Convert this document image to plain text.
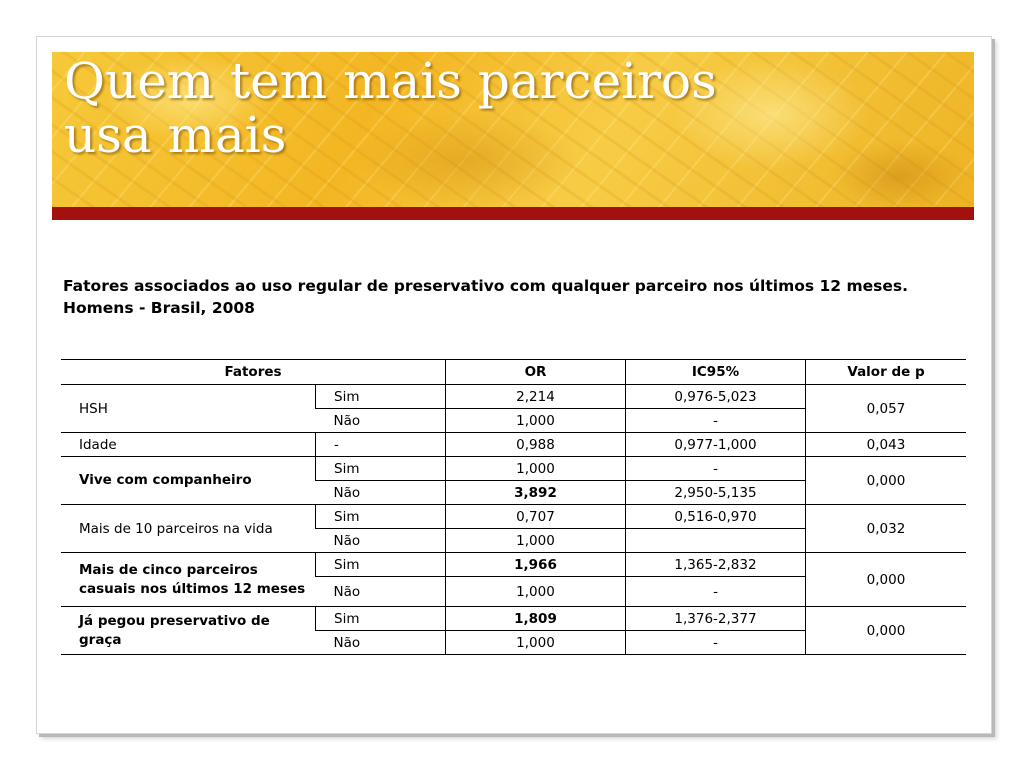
Quem tem mais parceiros
usa mais

Fatores associados ao uso regular de preservativo com qualquer parceiro nos últimos 12 meses. Homens - Brasil, 2008

Fatores		OR	IC95%	Valor de p
HSH	Sim	2,214	0,976-5,023	0,057
	Não	1,000	-	
Idade	-	0,988	0,977-1,000	0,043
Vive com companheiro	Sim	1,000	-	0,000
	Não	3,892	2,950-5,135	
Mais de 10 parceiros na vida	Sim	0,707	0,516-0,970	0,032
	Não	1,000		
Mais de cinco parceiros casuais nos últimos 12 meses	Sim	1,966	1,365-2,832	0,000
	Não	1,000	-	
Já pegou preservativo de graça	Sim	1,809	1,376-2,377	0,000
	Não	1,000	-	
